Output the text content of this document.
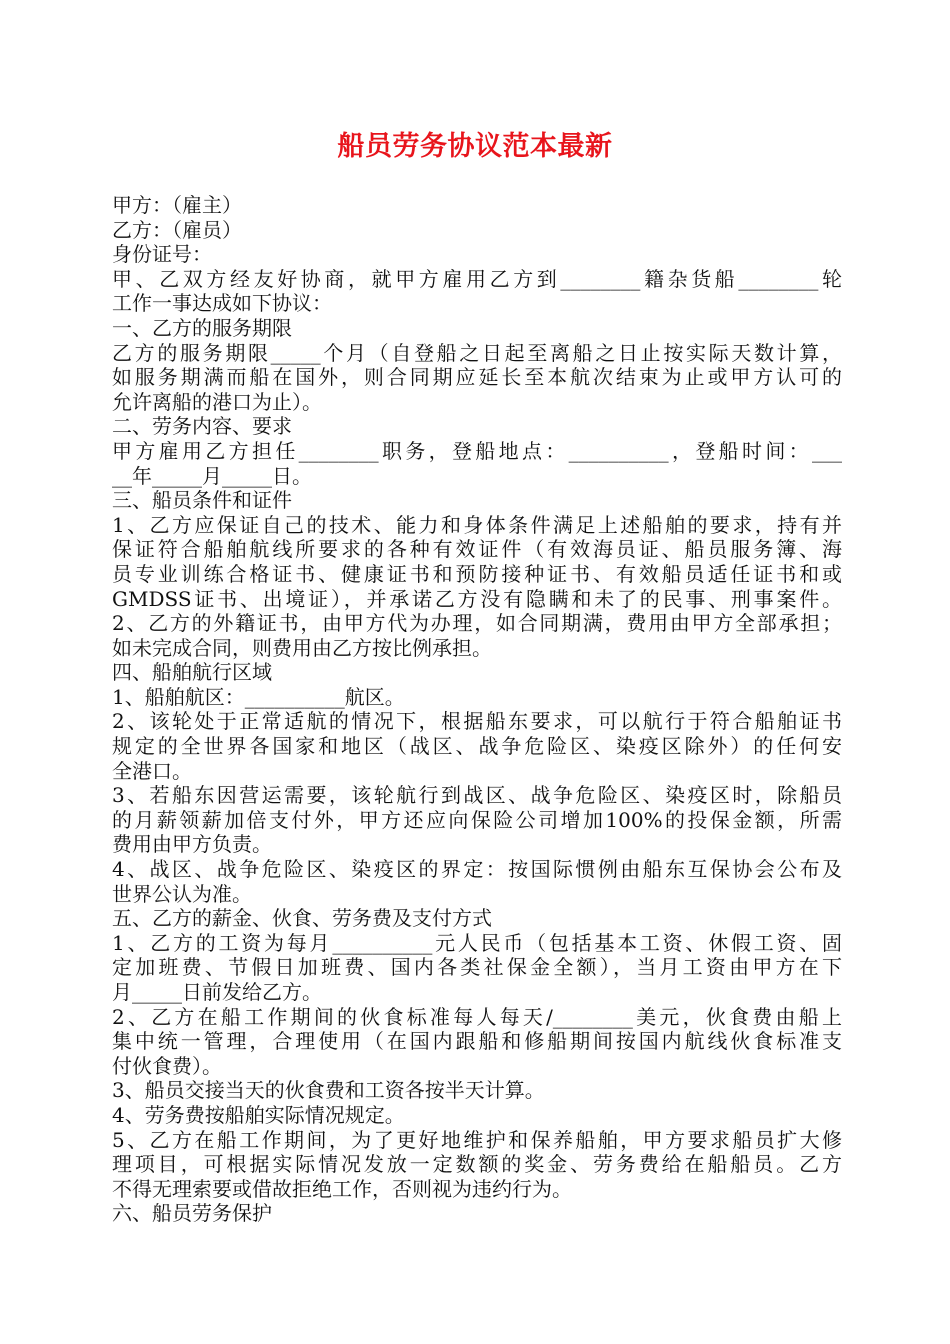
船员劳务协议范本最新
甲方：（雇主）
乙方：（雇员）
身份证号：
甲、乙双方经友好协商，就甲方雇用乙方到________籍杂货船________轮
工作一事达成如下协议：
一、乙方的服务期限
乙方的服务期限_____个月（自登船之日起至离船之日止按实际天数计算，
如服务期满而船在国外，则合同期应延长至本航次结束为止或甲方认可的
允许离船的港口为止）。
二、劳务内容、要求
甲方雇用乙方担任________职务，登船地点：__________，登船时间：___
__年_____月_____日。
三、船员条件和证件
1、乙方应保证自己的技术、能力和身体条件满足上述船舶的要求，持有并
保证符合船舶航线所要求的各种有效证件（有效海员证、船员服务簿、海
员专业训练合格证书、健康证书和预防接种证书、有效船员适任证书和或
GMDSS证书、出境证），并承诺乙方没有隐瞒和未了的民事、刑事案件。
2、乙方的外籍证书，由甲方代为办理，如合同期满，费用由甲方全部承担；
如未完成合同，则费用由乙方按比例承担。
四、船舶航行区域
1、船舶航区：__________航区。
2、该轮处于正常适航的情况下，根据船东要求，可以航行于符合船舶证书
规定的全世界各国家和地区（战区、战争危险区、染疫区除外）的任何安
全港口。
3、若船东因营运需要，该轮航行到战区、战争危险区、染疫区时，除船员
的月薪领薪加倍支付外，甲方还应向保险公司增加100%的投保金额，所需
费用由甲方负责。
4、战区、战争危险区、染疫区的界定：按国际惯例由船东互保协会公布及
世界公认为准。
五、乙方的薪金、伙食、劳务费及支付方式
1、乙方的工资为每月__________元人民币（包括基本工资、休假工资、固
定加班费、节假日加班费、国内各类社保金全额），当月工资由甲方在下
月_____日前发给乙方。
2、乙方在船工作期间的伙食标准每人每天/________美元，伙食费由船上
集中统一管理，合理使用（在国内跟船和修船期间按国内航线伙食标准支
付伙食费）。
3、船员交接当天的伙食费和工资各按半天计算。
4、劳务费按船舶实际情况规定。
5、乙方在船工作期间，为了更好地维护和保养船舶，甲方要求船员扩大修
理项目，可根据实际情况发放一定数额的奖金、劳务费给在船船员。乙方
不得无理索要或借故拒绝工作，否则视为违约行为。
六、船员劳务保护
